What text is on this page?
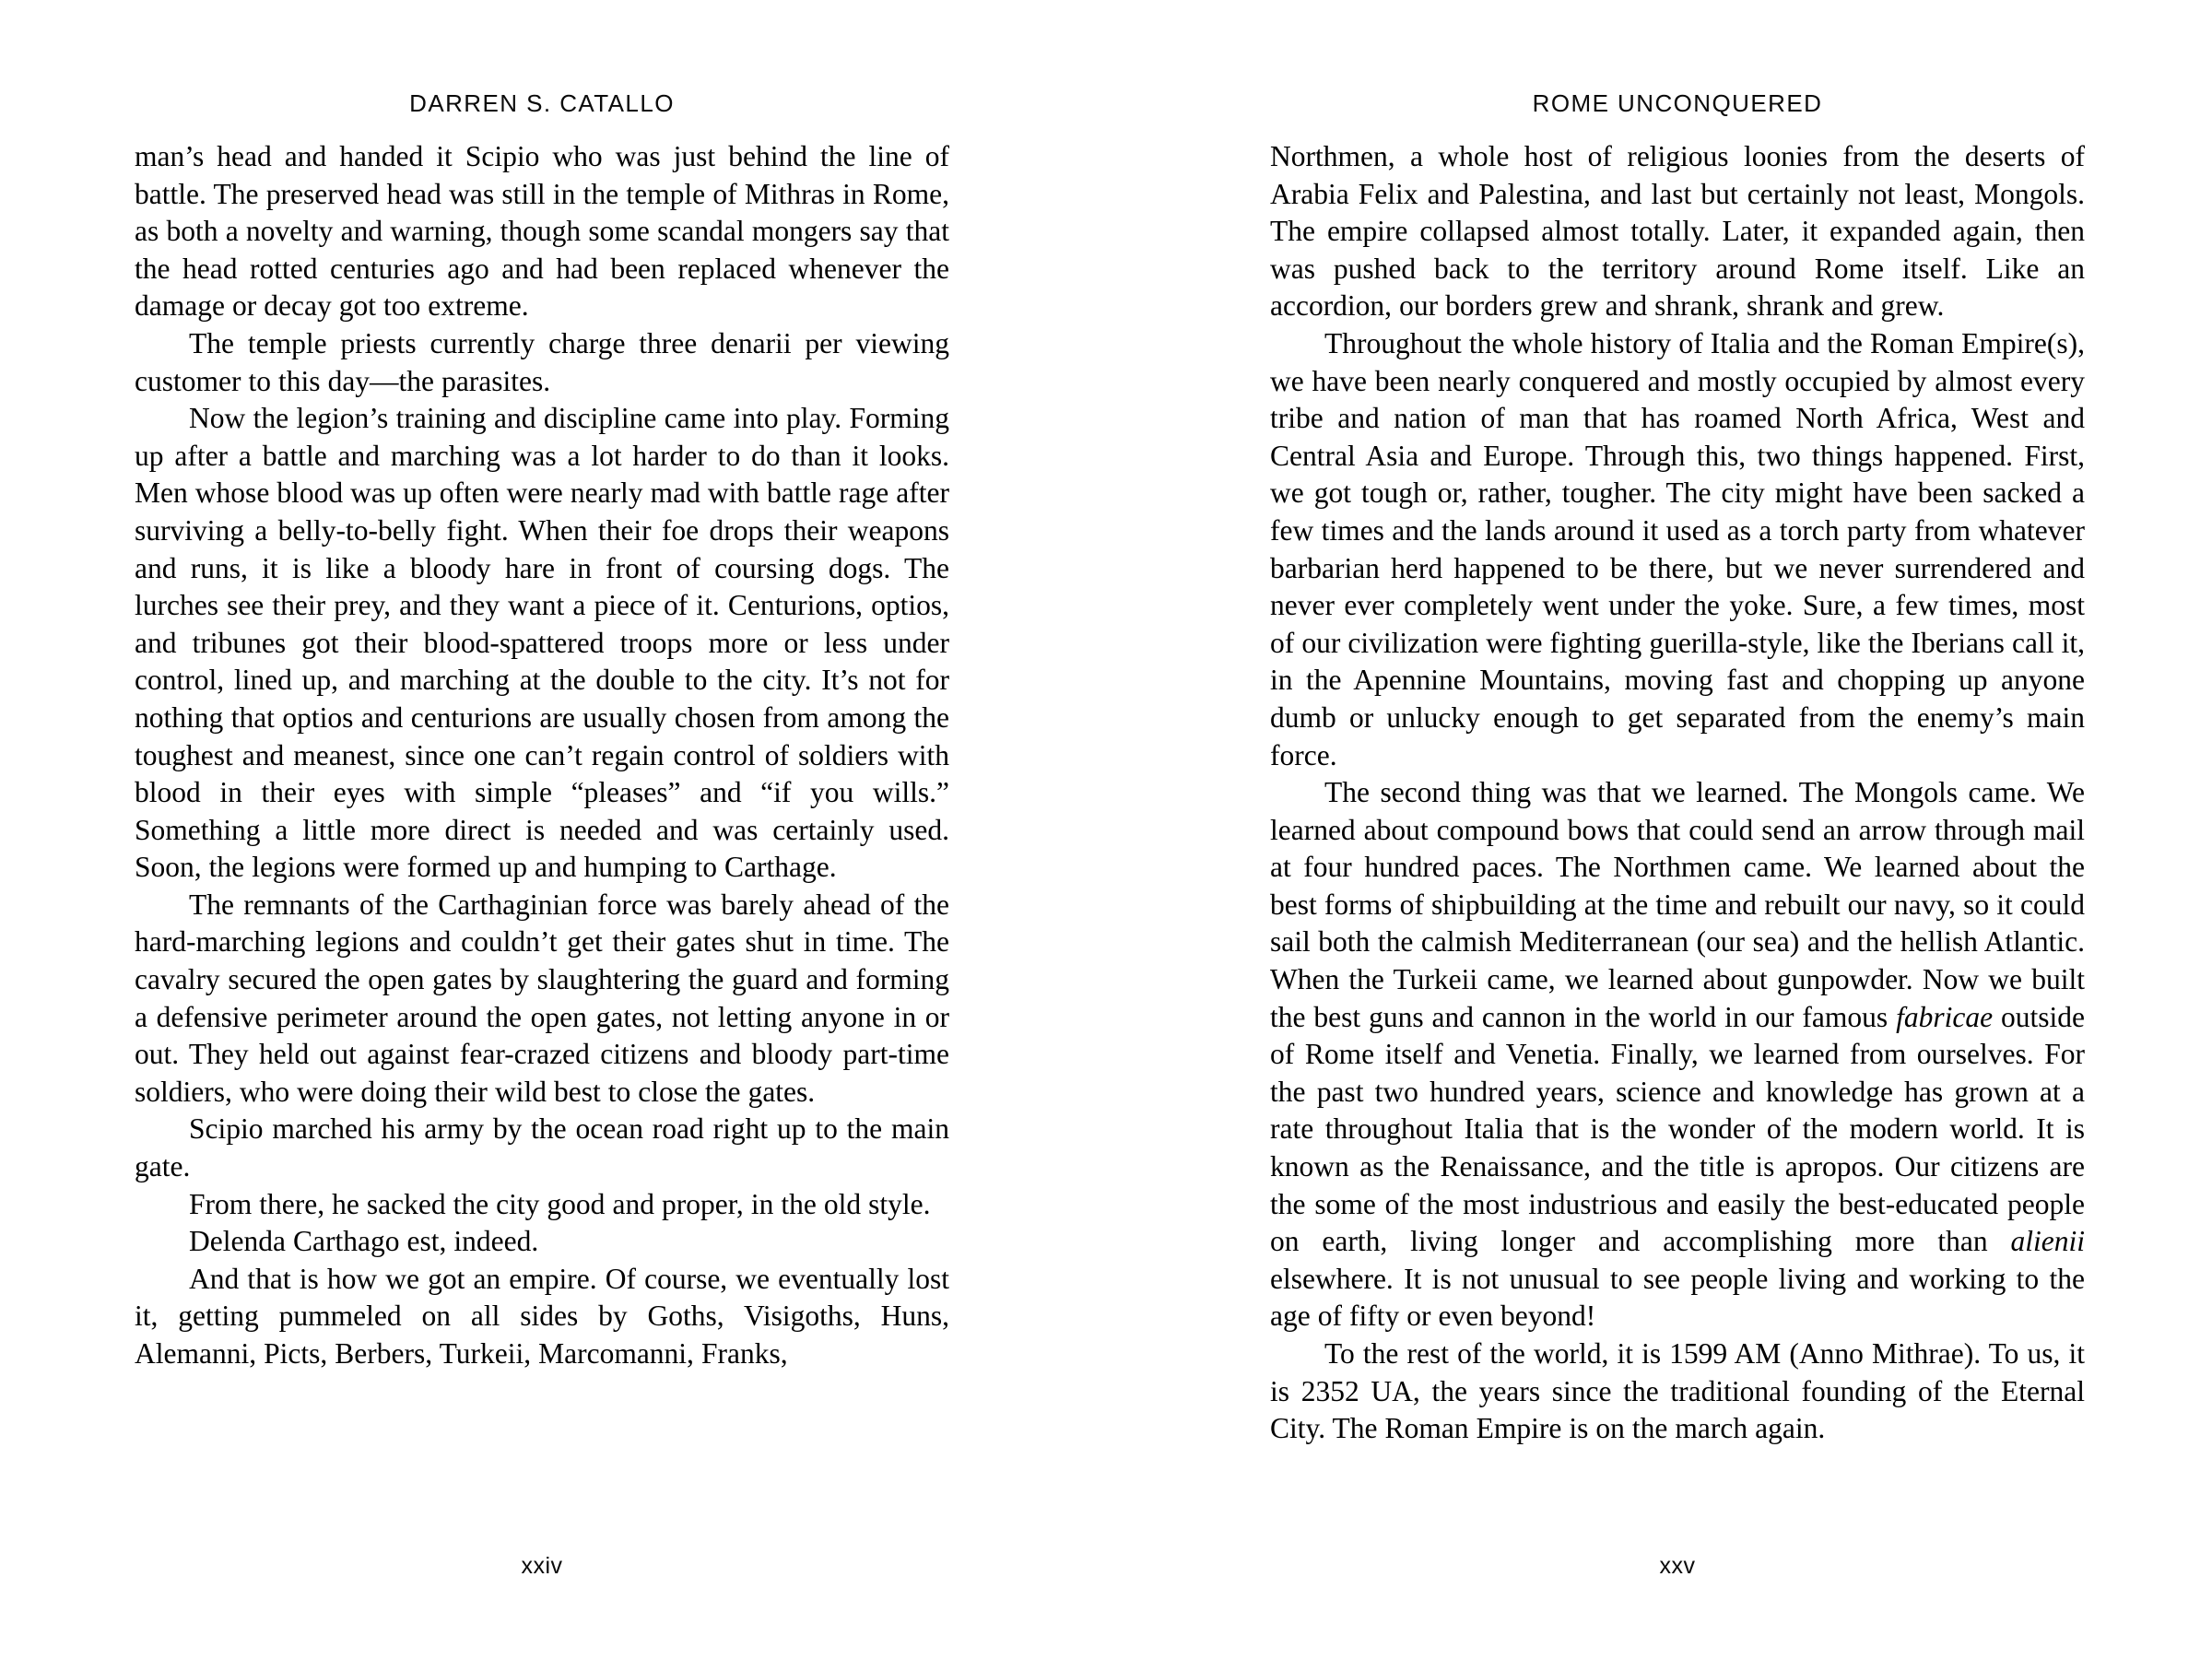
DARREN S. CATALLO

man’s head and handed it Scipio who was just behind the line of battle. The preserved head was still in the temple of Mithras in Rome, as both a novelty and warning, though some scandal mongers say that the head rotted centuries ago and had been replaced whenever the damage or decay got too extreme.

The temple priests currently charge three denarii per viewing customer to this day—the parasites.

Now the legion’s training and discipline came into play. Forming up after a battle and marching was a lot harder to do than it looks. Men whose blood was up often were nearly mad with battle rage after surviving a belly-to-belly fight. When their foe drops their weapons and runs, it is like a bloody hare in front of coursing dogs. The lurches see their prey, and they want a piece of it. Centurions, optios, and tribunes got their blood-spattered troops more or less under control, lined up, and marching at the double to the city. It’s not for nothing that optios and centurions are usually chosen from among the toughest and meanest, since one can’t regain control of soldiers with blood in their eyes with simple “pleases” and “if you wills.” Something a little more direct is needed and was certainly used. Soon, the legions were formed up and humping to Carthage.

The remnants of the Carthaginian force was barely ahead of the hard-marching legions and couldn’t get their gates shut in time. The cavalry secured the open gates by slaughtering the guard and forming a defensive perimeter around the open gates, not letting anyone in or out. They held out against fear-crazed citizens and bloody part-time soldiers, who were doing their wild best to close the gates.

Scipio marched his army by the ocean road right up to the main gate.

From there, he sacked the city good and proper, in the old style.

Delenda Carthago est, indeed.

And that is how we got an empire. Of course, we eventually lost it, getting pummeled on all sides by Goths, Visigoths, Huns, Alemanni, Picts, Berbers, Turkeii, Marcomanni, Franks,

xxiv
ROME UNCONQUERED

Northmen, a whole host of religious loonies from the deserts of Arabia Felix and Palestina, and last but certainly not least, Mongols. The empire collapsed almost totally. Later, it expanded again, then was pushed back to the territory around Rome itself. Like an accordion, our borders grew and shrank, shrank and grew.

Throughout the whole history of Italia and the Roman Empire(s), we have been nearly conquered and mostly occupied by almost every tribe and nation of man that has roamed North Africa, West and Central Asia and Europe. Through this, two things happened. First, we got tough or, rather, tougher. The city might have been sacked a few times and the lands around it used as a torch party from whatever barbarian herd happened to be there, but we never surrendered and never ever completely went under the yoke. Sure, a few times, most of our civilization were fighting guerilla-style, like the Iberians call it, in the Apennine Mountains, moving fast and chopping up anyone dumb or unlucky enough to get separated from the enemy’s main force.

The second thing was that we learned. The Mongols came. We learned about compound bows that could send an arrow through mail at four hundred paces. The Northmen came. We learned about the best forms of shipbuilding at the time and rebuilt our navy, so it could sail both the calmish Mediterranean (our sea) and the hellish Atlantic. When the Turkeii came, we learned about gunpowder. Now we built the best guns and cannon in the world in our famous fabricae outside of Rome itself and Venetia. Finally, we learned from ourselves. For the past two hundred years, science and knowledge has grown at a rate throughout Italia that is the wonder of the modern world. It is known as the Renaissance, and the title is apropos. Our citizens are the some of the most industrious and easily the best-educated people on earth, living longer and accomplishing more than alienii elsewhere. It is not unusual to see people living and working to the age of fifty or even beyond!

To the rest of the world, it is 1599 AM (Anno Mithrae). To us, it is 2352 UA, the years since the traditional founding of the Eternal City. The Roman Empire is on the march again.

xxv
